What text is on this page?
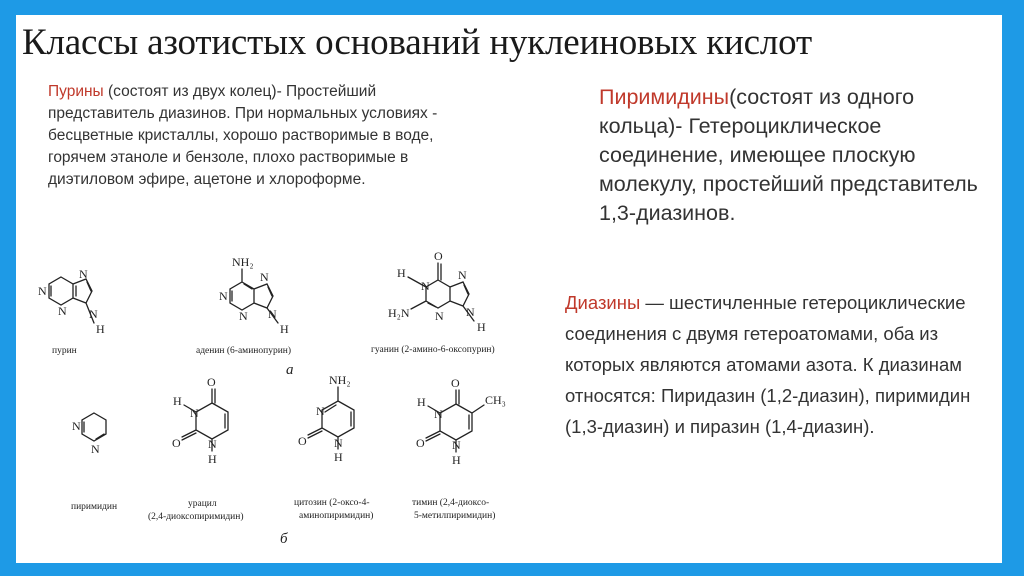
Классы азотистых оснований нуклеиновых кислот

Пурины (состоят из двух колец)- Простейший представитель диазинов. При нормальных условиях - бесцветные кристаллы, хорошо растворимые в воде, горячем этаноле и бензоле, плохо растворимые в диэтиловом эфире, ацетоне и хлороформе.

Пиримидины(состоят из одного кольца)- Гетероциклическое соединение, имеющее плоскую молекулу, простейший представитель 1,3-диазинов.

Диазины — шестичленные гетероциклические соединения с двумя гетероатомами, оба из которых являются атомами азота. К диазинам относятся: Пиридазин (1,2-диазин), пиримидин (1,3-диазин) и пиразин (1,4-диазин).

N
N
N N
H
NH₂
N
N
N N
H
O
H
N
N
H₂N N N
H
N
N
O
H
N
O N
H
NH₂
N
O N
H
O
H
N
CH₃
O N
H
пурин	аденин (6-аминопурин)	гуанин (2-амино-6-оксопурин)
пиримидин	урацил
(2,4-диоксопиримидин)
цитозин (2-оксо-4-
аминопиримидин)
тимин (2,4-диоксо-
5-метилпиримидин)
а
б
